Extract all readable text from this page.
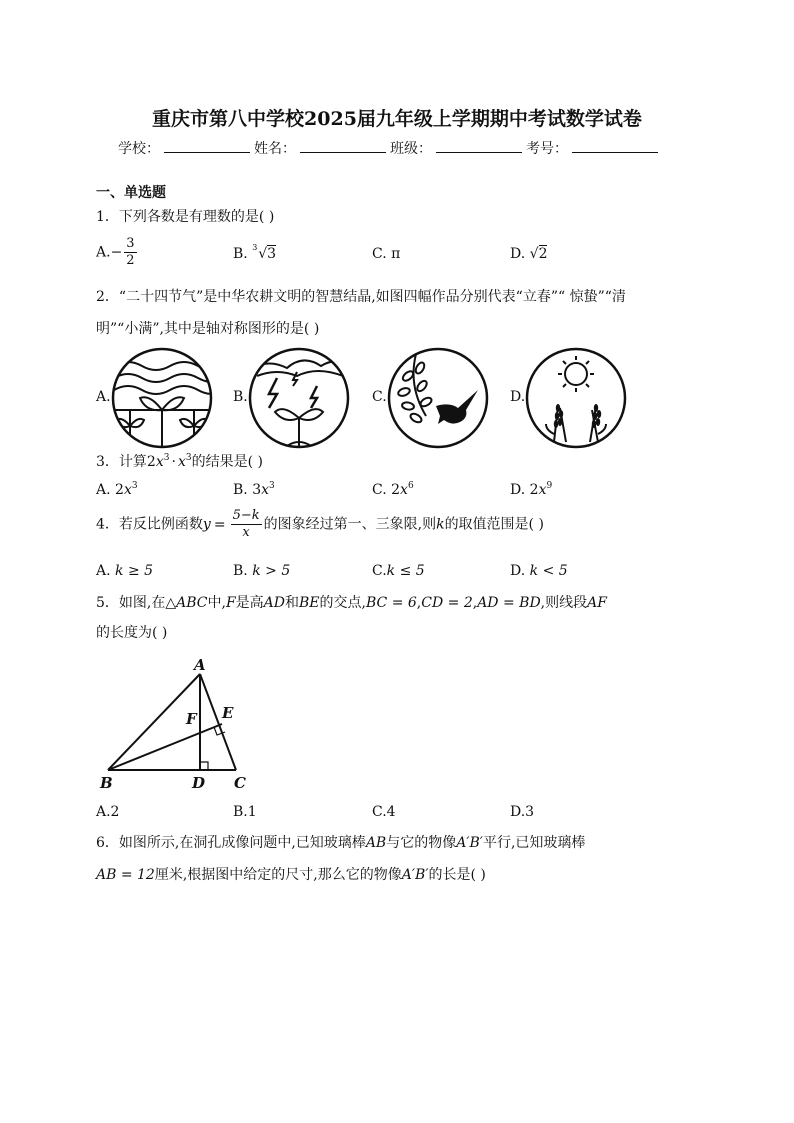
重庆市第八中学校2025届九年级上学期期中考试数学试卷
学校：	姓名：	班级：	考号：
一、单选题
1．下列各数是有理数的是( )
$A.- \frac{3}{2}$	B. 3 √3	C. π	D. √2
2．“二十四节气”是中华农耕文明的智慧结晶,如图四幅作品分别代表“立春”“ 惊蛰”“清
明”“小满”,其中是轴对称图形的是( )
A.	B.	C.	D.
3．计算$2x^3 \cdot x^3$的结果是( )
A. $2x^3$	B. $3x^3$	C. $2x^6$	D. $2x^9$
4．若反比例函数$y = \frac{5-k}{x}$ 的图象经过第一、三象限,则k的取值范围是( )
A. k ≥ 5	B. k > 5	C.k ≤ 5	D. k < 5
5．如图,在△ABC中,F是高AD和BE的交点,BC = 6,CD = 2,AD = BD,则线段AF
的长度为( )
A
B	C
D
E
F
A.2	B.1	C.4	D.3
6．如图所示,在洞孔成像问题中,已知玻璃棒AB与它的物像A′B′平行,已知玻璃棒
AB = 12厘米,根据图中给定的尺寸,那么它的物像A′B′的长是( )
